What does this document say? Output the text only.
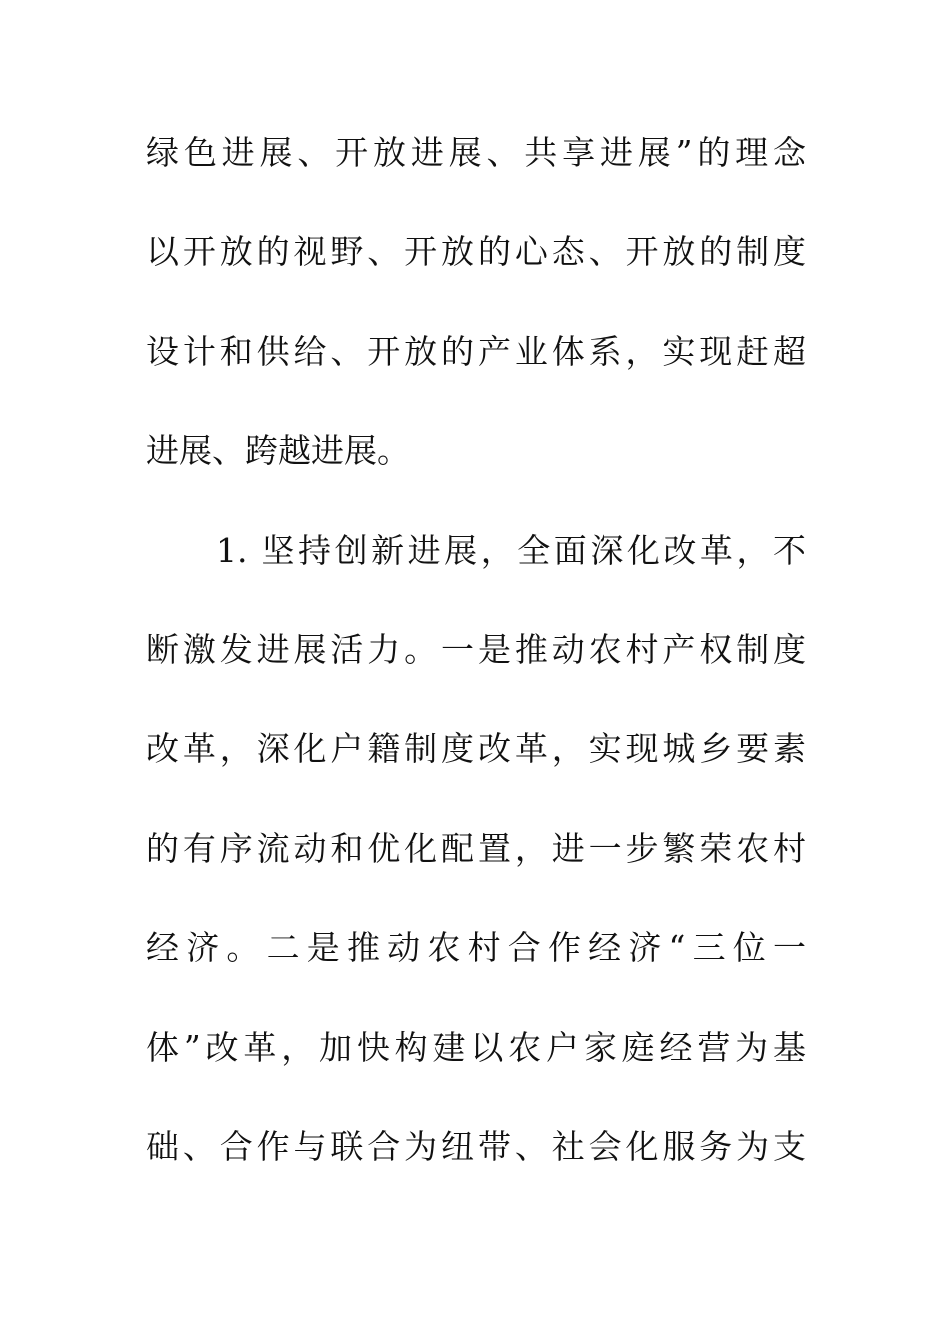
绿色进展、开放进展、共享进展”的理念
以开放的视野、开放的心态、开放的制度
设计和供给、开放的产业体系，实现赶超
进展、跨越进展。
1. 坚持创新进展，全面深化改革，不
断激发进展活力。一是推动农村产权制度
改革，深化户籍制度改革，实现城乡要素
的有序流动和优化配置，进一步繁荣农村
经济。二是推动农村合作经济“三位一
体”改革，加快构建以农户家庭经营为基
础、合作与联合为纽带、社会化服务为支
